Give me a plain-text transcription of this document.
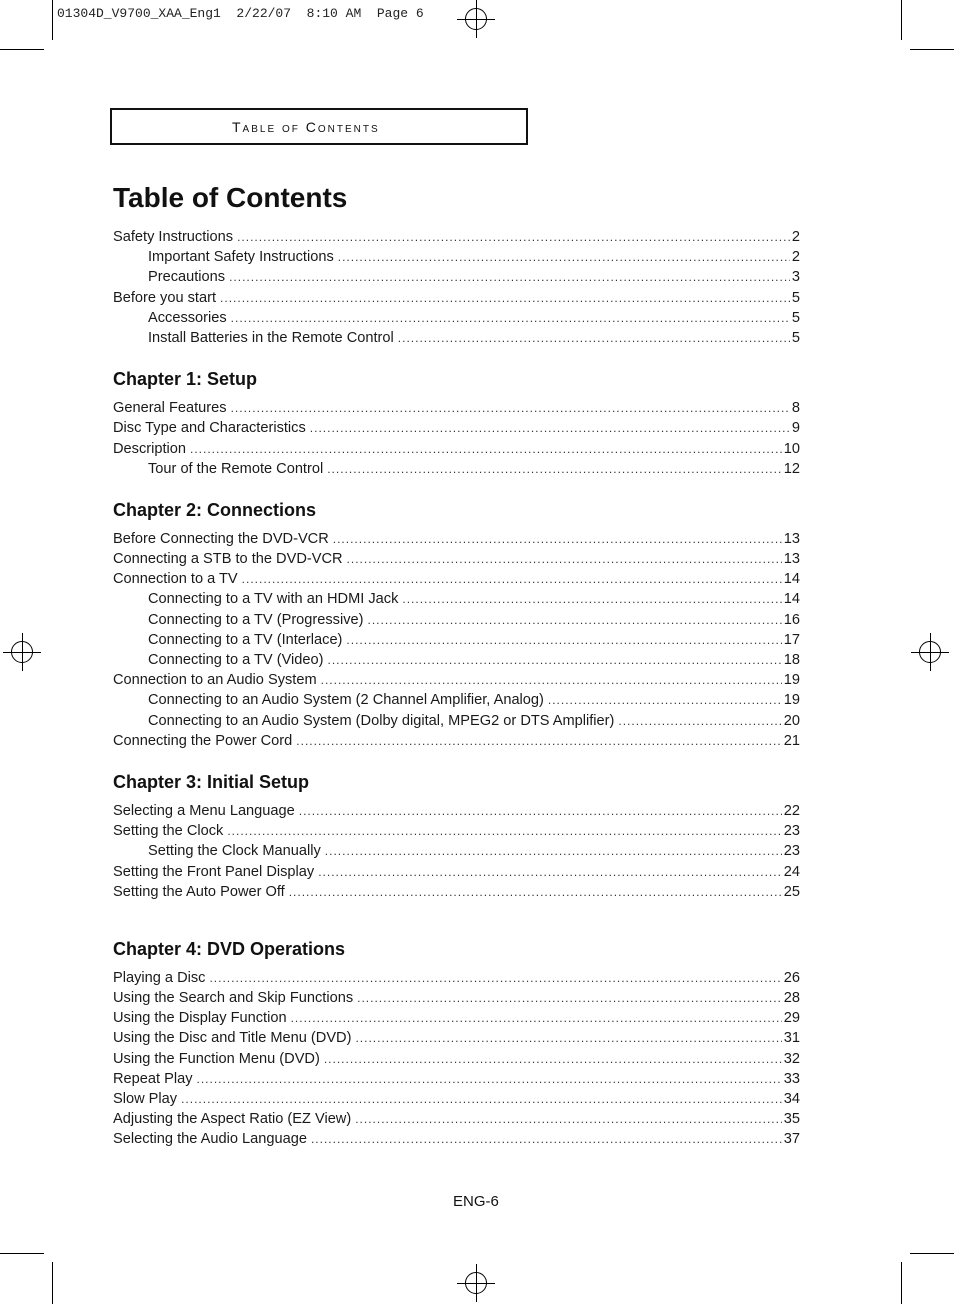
01304D_V9700_XAA_Eng1  2/22/07  8:10 AM  Page 6
Table of Contents
Table of Contents
Safety Instructions .....	2
Important Safety Instructions .....	2
Precautions .....	3
Before you start .....	5
Accessories .....	5
Install Batteries in the Remote Control .....	5
Chapter 1: Setup
General Features .....	8
Disc Type and Characteristics .....	9
Description .....	10
Tour of the Remote Control .....	12
Chapter 2: Connections
Before Connecting the DVD-VCR .....	13
Connecting a STB to the DVD-VCR .....	13
Connection to a TV .....	14
Connecting to a TV with an HDMI Jack .....	14
Connecting to a TV (Progressive) .....	16
Connecting to a TV (Interlace) .....	17
Connecting to a TV (Video) .....	18
Connection to an Audio System .....	19
Connecting to an Audio System (2 Channel Amplifier, Analog) .....	19
Connecting to an Audio System (Dolby digital, MPEG2 or DTS Amplifier) .....	20
Connecting the Power Cord .....	21
Chapter 3: Initial Setup
Selecting a Menu Language .....	22
Setting the Clock .....	23
Setting the Clock Manually .....	23
Setting the Front Panel Display .....	24
Setting the Auto Power Off .....	25
Chapter 4: DVD Operations
Playing a Disc .....	26
Using the Search and Skip Functions .....	28
Using the Display Function .....	29
Using the Disc and Title Menu (DVD) .....	31
Using the Function Menu (DVD) .....	32
Repeat Play .....	33
Slow Play .....	34
Adjusting the Aspect Ratio (EZ View) .....	35
Selecting the Audio Language .....	37
ENG-6
